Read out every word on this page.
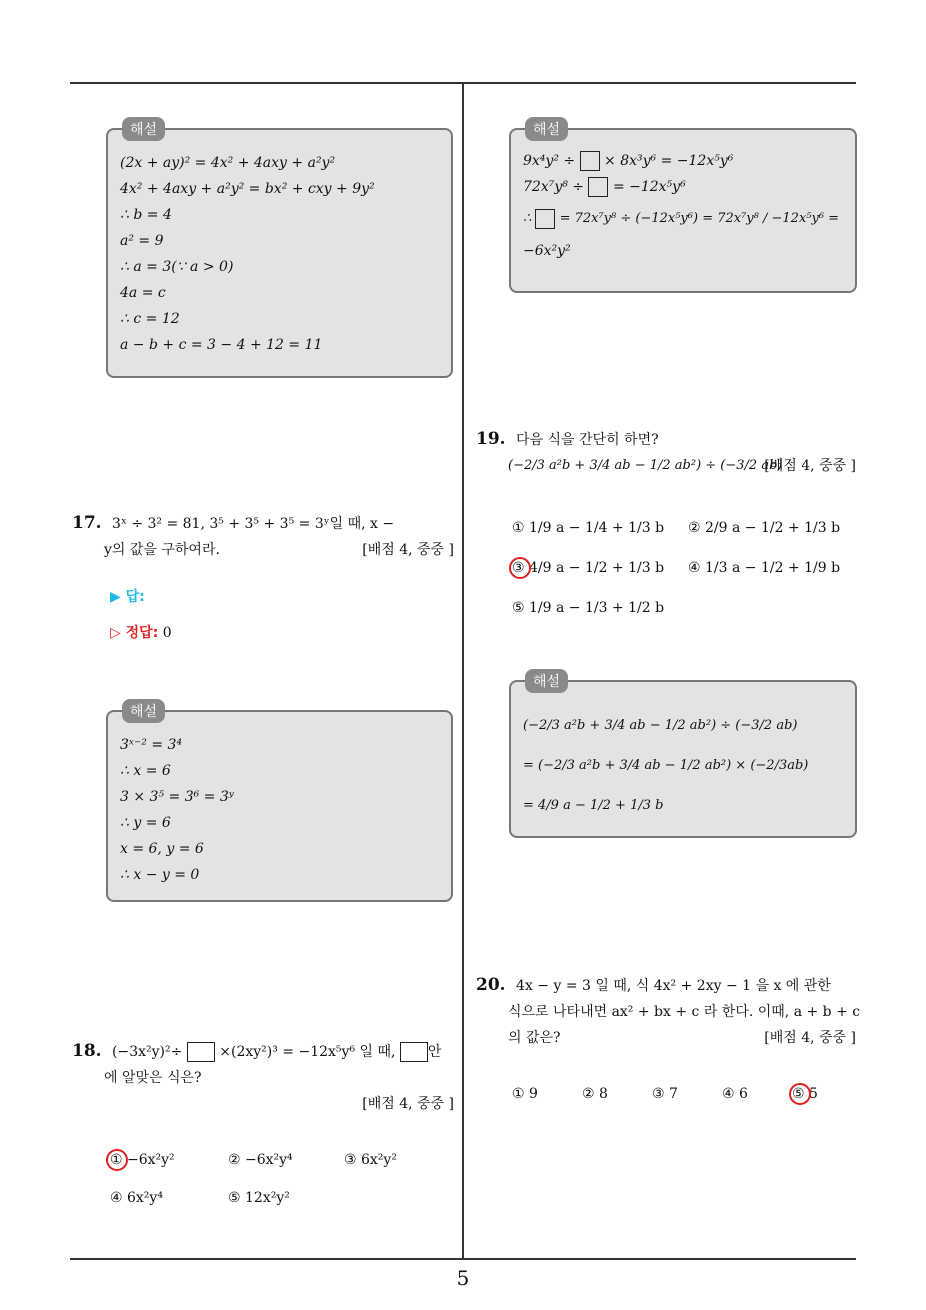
해설
(2x + ay)² = 4x² + 4axy + a²y²
4x² + 4axy + a²y² = bx² + cxy + 9y²
∴ b = 4
a² = 9
∴ a = 3(∵ a > 0)
4a = c
∴ c = 12
a − b + c = 3 − 4 + 12 = 11
17. 3ˣ ÷ 3² = 81, 3⁵ + 3⁵ + 3⁵ = 3ʸ일 때, x −
y의 값을 구하여라.	[배점 4, 중중 ]
▶ 답:
▷ 정답: 0
해설
3ˣ⁻² = 3⁴
∴ x = 6
3 × 3⁵ = 3⁶ = 3ʸ
∴ y = 6
x = 6, y = 6
∴ x − y = 0
18. (−3x²y)²÷	×(2xy²)³ = −12x⁵y⁶ 일 때, 안
에 알맞은 식은?
[배점 4, 중중 ]
① −6x²y²	② −6x²y⁴	③ 6x²y²
④ 6x²y⁴	⑤ 12x²y²
해설
9x⁴y² ÷ × 8x³y⁶ = −12x⁵y⁶
72x⁷y⁸ ÷ = −12x⁵y⁶
∴ = 72x⁷y⁸ ÷ (−12x⁵y⁶) = 72x⁷y⁸ / −12x⁵y⁶ =
−6x²y²
19. 다음 식을 간단히 하면?
(−2/3 a²b + 3/4 ab − 1/2 ab²) ÷ (−3/2 ab)
[배점 4, 중중 ]
① 1/9 a − 1/4 + 1/3 b ② 2/9 a − 1/2 + 1/3 b
③ 4/9 a − 1/2 + 1/3 b ④ 1/3 a − 1/2 + 1/9 b
⑤ 1/9 a − 1/3 + 1/2 b
해설
(−2/3 a²b + 3/4 ab − 1/2 ab²) ÷ (−3/2 ab)
= (−2/3 a²b + 3/4 ab − 1/2 ab²) × (−2/3ab)
= 4/9 a − 1/2 + 1/3 b
20. 4x − y = 3 일 때, 식 4x² + 2xy − 1 을 x 에 관한
식으로 나타내면 ax² + bx + c 라 한다. 이때, a + b + c
의 값은?	[배점 4, 중중 ]
① 9	② 8	③ 7	④ 6	⑤ 5
5
